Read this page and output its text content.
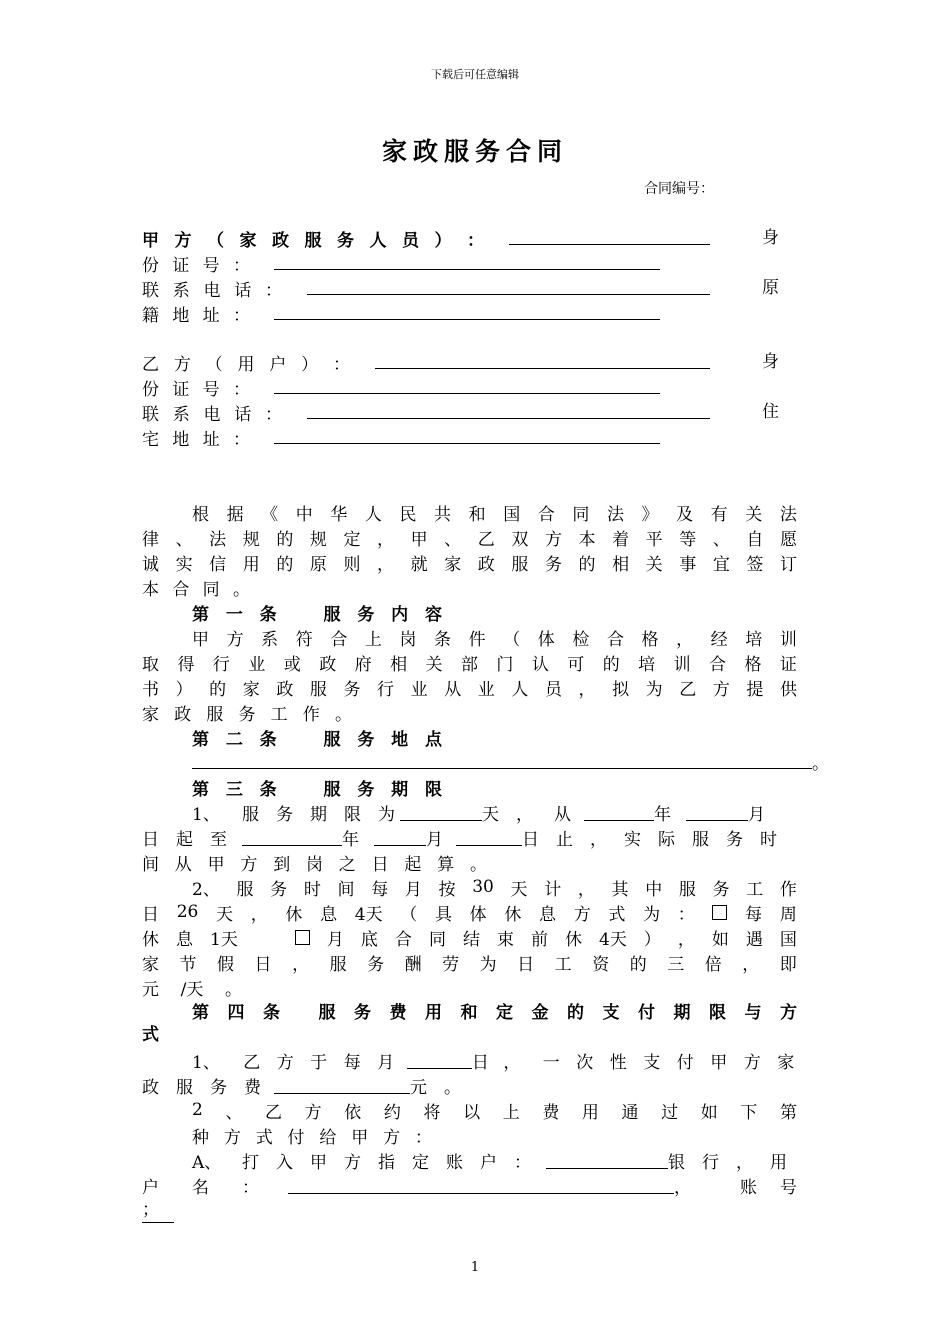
下载后可任意编辑
家政服务合同
合同编号：
甲 方 （ 家 政 服 务 人 员 ） ：	身
份 证 号 ：
联 系 电 话 ：	原
籍 地 址 ：
乙 方 （ 用 户 ） ：	身
份 证 号 ：
联 系 电 话 ：	住
宅 地 址 ：
根 据 《 中 华 人 民 共 和 国 合 同 法 》 及 有 关 法
律 、 法 规 的 规 定 ， 甲 、 乙 双 方 本 着 平 等 、 自 愿
诚 实 信 用 的 原 则 ， 就 家 政 服 务 的 相 关 事 宜 签 订
本 合 同 。
第 一 条	服 务 内 容
甲 方 系 符 合 上 岗 条 件 （ 体 检 合 格 ， 经 培 训
取 得 行 业 或 政 府 相 关 部 门 认 可 的 培 训 合 格 证
书 ） 的 家 政 服 务 行 业 从 业 人 员 ， 拟 为 乙 方 提 供
家 政 服 务 工 作 。
第 二 条	服 务 地 点
。
第 三 条	服 务 期 限
1、	服	务	期	限	为	天	，	从	年	月
日	起	至	年	月	日	止	，	实	际	服	务	时
间 从 甲 方 到 岗 之 日 起 算 。
2、 服 务 时 间 每 月 按 30 天 计 ， 其 中 服 务 工 作
日 26 天 ， 休 息 4天 （ 具 体 休 息 方 式 为 ：	每 周
休 息 1天	月 底 合 同 结 束 前 休 4天 ） ， 如 遇 国
家 节 假 日 ， 服 务 酬 劳 为 日 工 资 的 三 倍 ， 即
元 /天 。
第 四 条 服 务 费 用 和 定 金 的 支 付 期 限 与 方
式
1、	乙 方 于 每 月	日 ，	一 次 性 支 付 甲 方 家
政	服	务	费	元	。
2 、 乙 方 依 约 将 以 上 费 用 通 过 如 下 第
种 方 式 付 给 甲 方 ：
A、	打	入	甲	方	指	定	账	户	：	银	行	，	用
户	名	：	，	账	号
；
1
